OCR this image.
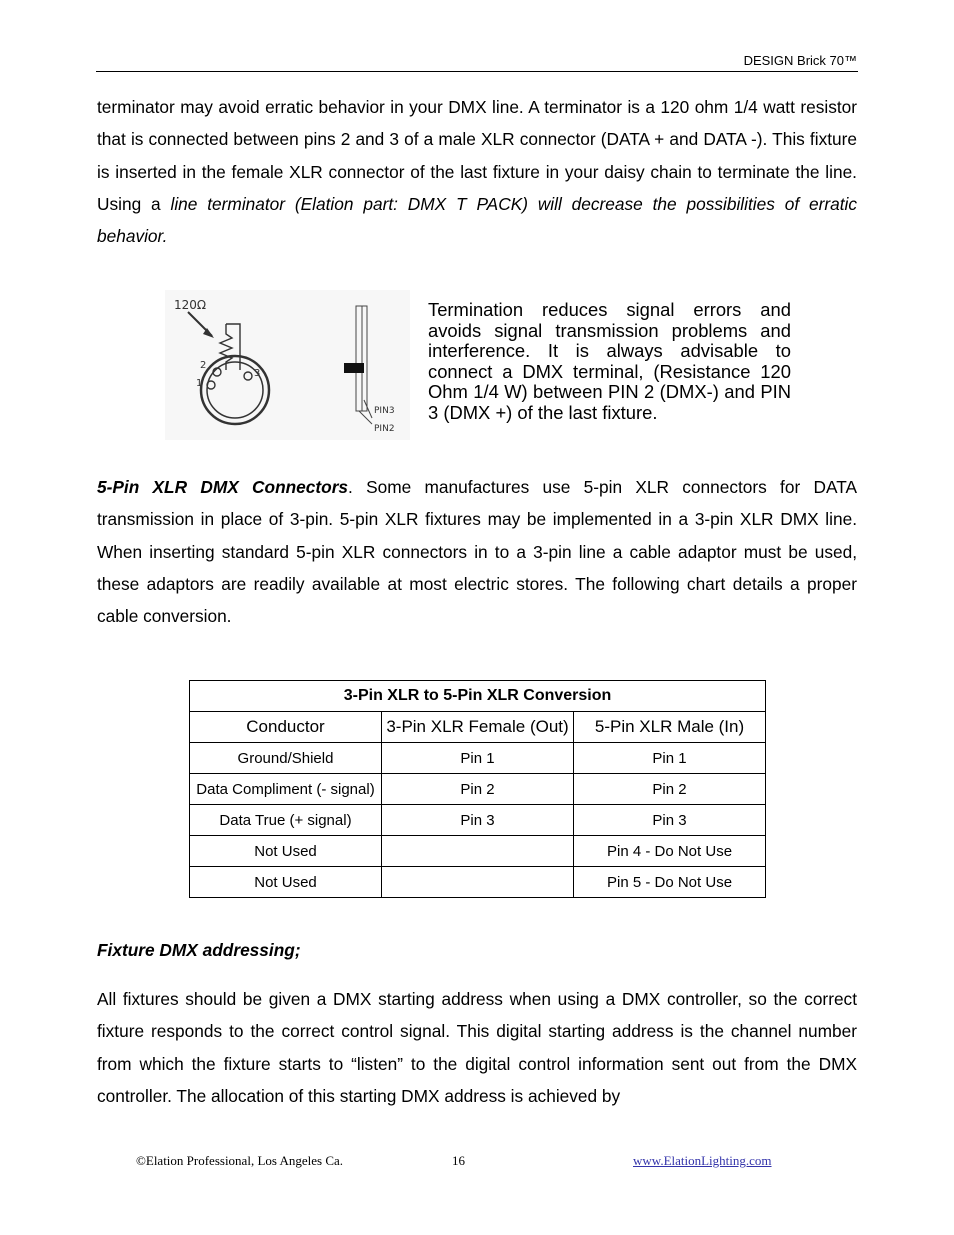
DESIGN Brick 70™

terminator may avoid erratic behavior in your DMX line. A terminator is a 120 ohm 1/4 watt resistor that is connected between pins 2 and 3 of a male XLR connector (DATA + and DATA -). This fixture is inserted in the female XLR connector of the last fixture in your daisy chain to terminate the line. Using a line terminator (Elation part: DMX T PACK) will decrease the possibilities of erratic behavior.

120Ω
2
1
3
PIN3
PIN2

Termination reduces signal errors and avoids signal transmission problems and interference. It is always advisable to connect a DMX terminal, (Resistance 120 Ohm 1/4 W) between PIN 2 (DMX-) and PIN 3 (DMX +) of the last fixture.

5-Pin XLR DMX Connectors. Some manufactures use 5-pin XLR connectors for DATA transmission in place of 3-pin. 5-pin XLR fixtures may be implemented in a 3-pin XLR DMX line. When inserting standard 5-pin XLR connectors in to a 3-pin line a cable adaptor must be used, these adaptors are readily available at most electric stores. The following chart details a proper cable conversion.

3-Pin XLR to 5-Pin XLR Conversion		
Conductor	3-Pin XLR Female (Out)	5-Pin XLR Male (In)
Ground/Shield	Pin 1	Pin 1
Data Compliment (- signal)	Pin 2	Pin 2
Data True (+ signal)	Pin 3	Pin 3
Not Used		Pin 4 - Do Not Use
Not Used		Pin 5 - Do Not Use
Fixture DMX addressing;

All fixtures should be given a DMX starting address when using a DMX controller, so the correct fixture responds to the correct control signal. This digital starting address is the channel number from which the fixture starts to “listen” to the digital control information sent out from the DMX controller. The allocation of this starting DMX address is achieved by

©Elation Professional, Los Angeles Ca.	16	www.ElationLighting.com
